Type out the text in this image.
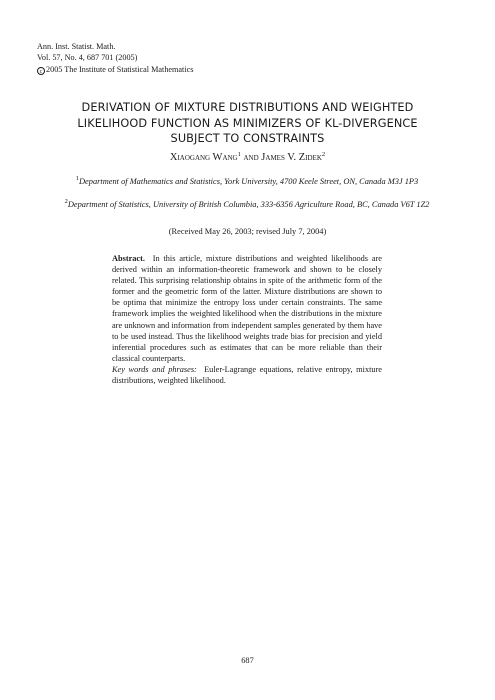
Ann. Inst. Statist. Math.
Vol. 57, No. 4, 687 701 (2005)
c 2005 The Institute of Statistical Mathematics
DERIVATION OF MIXTURE DISTRIBUTIONS AND WEIGHTED
LIKELIHOOD FUNCTION AS MINIMIZERS OF KL-DIVERGENCE
SUBJECT TO CONSTRAINTS
Xiaogang Wang$^1$ and James V. Zidek$^2$
$^1$Department of Mathematics and Statistics, York University, 4700 Keele Street, ON, Canada M3J 1P3
$^2$Department of Statistics, University of British Columbia, 333-6356 Agriculture Road, BC, Canada V6T 1Z2
(Received May 26, 2003; revised July 7, 2004)
Abstract. In this article, mixture distributions and weighted likelihoods are derived within an information-theoretic framework and shown to be closely related. This surprising relationship obtains in spite of the arithmetic form of the former and the geometric form of the latter. Mixture distributions are shown to be optima that minimize the entropy loss under certain constraints. The same framework implies the weighted likelihood when the distributions in the mixture are unknown and information from independent samples generated by them have to be used instead. Thus the likelihood weights trade bias for precision and yield inferential procedures such as estimates that can be more reliable than their classical counterparts.
Key words and phrases: Euler-Lagrange equations, relative entropy, mixture distributions, weighted likelihood.
687
